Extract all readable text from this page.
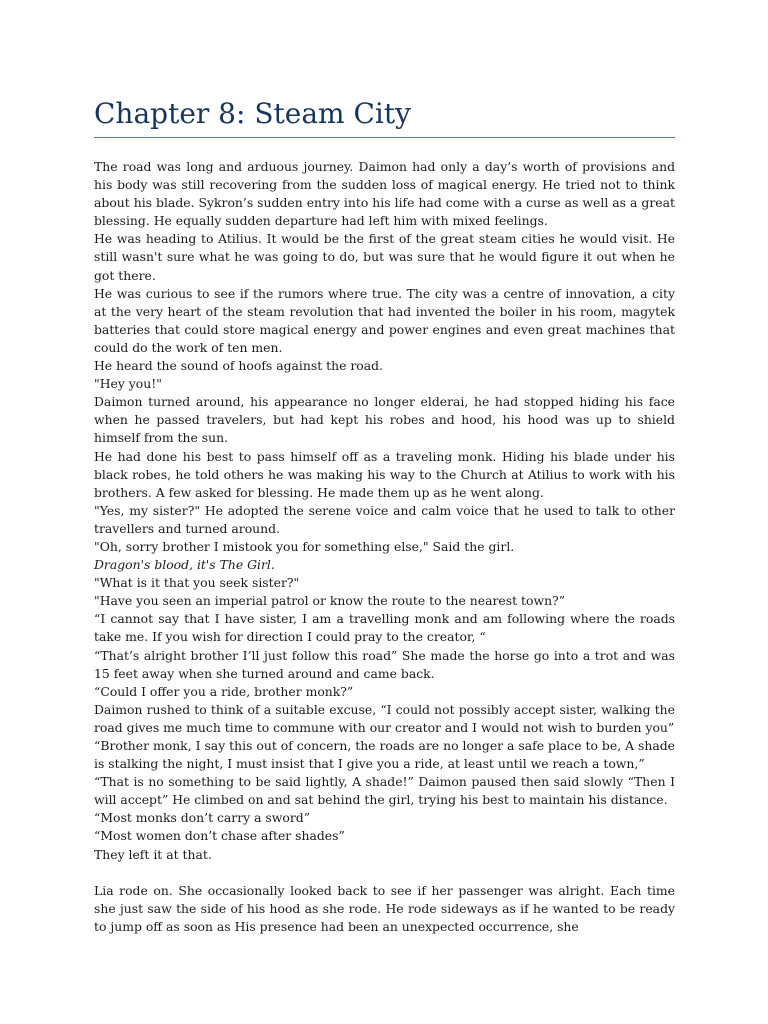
Chapter 8: Steam City

The road was long and arduous journey. Daimon had only a day’s worth of provisions and his body was still recovering from the sudden loss of magical energy. He tried not to think about his blade. Sykron’s sudden entry into his life had come with a curse as well as a great blessing. He equally sudden departure had left him with mixed feelings.

He was heading to Atilius. It would be the first of the great steam cities he would visit. He still wasn't sure what he was going to do, but was sure that he would figure it out when he got there.

He was curious to see if the rumors where true. The city was a centre of innovation, a city at the very heart of the steam revolution that had invented the boiler in his room, magytek batteries that could store magical energy and power engines and even great machines that could do the work of ten men.

He heard the sound of hoofs against the road.

"Hey you!"

Daimon turned around, his appearance no longer elderai, he had stopped hiding his face when he passed travelers, but had kept his robes and hood, his hood was up to shield himself from the sun.

He had done his best to pass himself off as a traveling monk. Hiding his blade under his black robes, he told others he was making his way to the Church at Atilius to work with his brothers. A few asked for blessing. He made them up as he went along.

"Yes, my sister?" He adopted the serene voice and calm voice that he used to talk to other travellers and turned around.

"Oh, sorry brother I mistook you for something else," Said the girl.

Dragon's blood, it's The Girl.

"What is it that you seek sister?"

"Have you seen an imperial patrol or know the route to the nearest town?”

“I cannot say that I have sister, I am a travelling monk and am following where the roads take me. If you wish for direction I could pray to the creator, “

“That’s alright brother I’ll just follow this road” She made the horse go into a trot and was 15 feet away when she turned around and came back.

“Could I offer you a ride, brother monk?”

Daimon rushed to think of a suitable excuse, “I could not possibly accept sister, walking the road gives me much time to commune with our creator and I would not wish to burden you”

“Brother monk, I say this out of concern, the roads are no longer a safe place to be, A shade is stalking the night, I must insist that I give you a ride, at least until we reach a town,”

“That is no something to be said lightly, A shade!” Daimon paused then said slowly “Then I will accept” He climbed on and sat behind the girl, trying his best to maintain his distance.

“Most monks don’t carry a sword”

“Most women don’t chase after shades”

They left it at that.

Lia rode on. She occasionally looked back to see if her passenger was alright. Each time she just saw the side of his hood as she rode. He rode sideways as if he wanted to be ready to jump off as soon as His presence had been an unexpected occurrence, she
